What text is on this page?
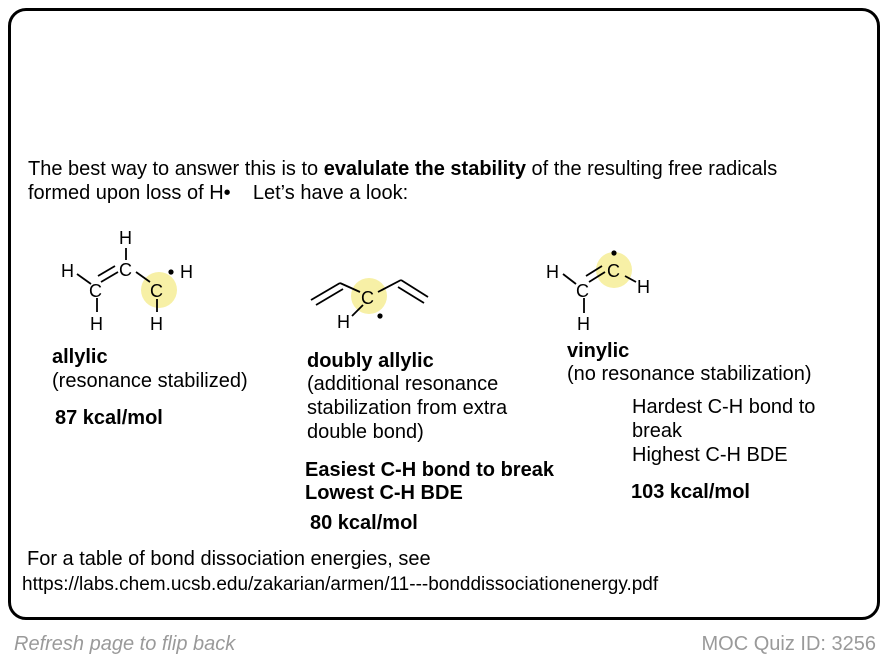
The best way to answer this is to evalulate the stability of the resulting free radicals
formed upon loss of H•    Let’s have a look:
H
H	C
C	C
H
H	H
C
H
H
C
C
H
H
allylic
(resonance stabilized)
87 kcal/mol
doubly allylic
(additional resonance
stabilization from extra
double bond)
Easiest C-H bond to break
Lowest C-H BDE
80 kcal/mol
vinylic
(no resonance stabilization)
Hardest C-H bond to
break
Highest C-H BDE
103 kcal/mol
For a table of bond dissociation energies, see
https://labs.chem.ucsb.edu/zakarian/armen/11---bonddissociationenergy.pdf
Refresh page to flip back	MOC Quiz ID: 3256
